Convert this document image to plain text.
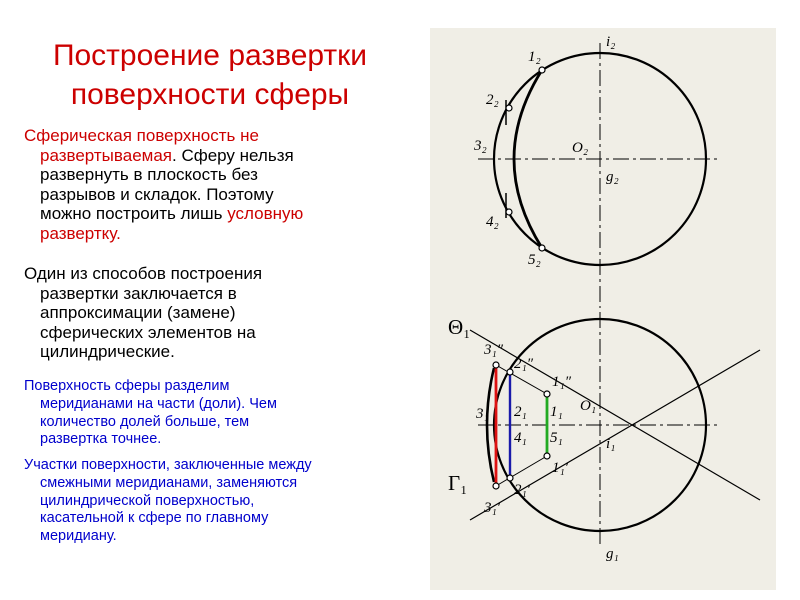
Построение развертки
поверхности сферы
Сферическая поверхность не
развертываемая. Сферу нельзя
развернуть в плоскость без
разрывов и складок. Поэтому
можно построить лишь условную
развертку.
Один из способов построения
развертки заключается в
аппроксимации (замене)
сферических элементов на
цилиндрические.
Поверхность сферы разделим
меридианами на части (доли). Чем
количество долей больше, тем
развертка точнее.
Участки поверхности, заключенные между
смежными меридианами, заменяются
цилиндрической поверхностью,
касательной к сфере по главному
меридиану.
i₂
1₂
2₂
3₂	O₂
g₂
4₂
5₂
Θ₁
Γ₁
3₁″
2₁″
1₁″
3₁ 2₁ 1₁ O₁
4₁ 5₁	i₁
1₁′
2₁′
3₁′
g₁
